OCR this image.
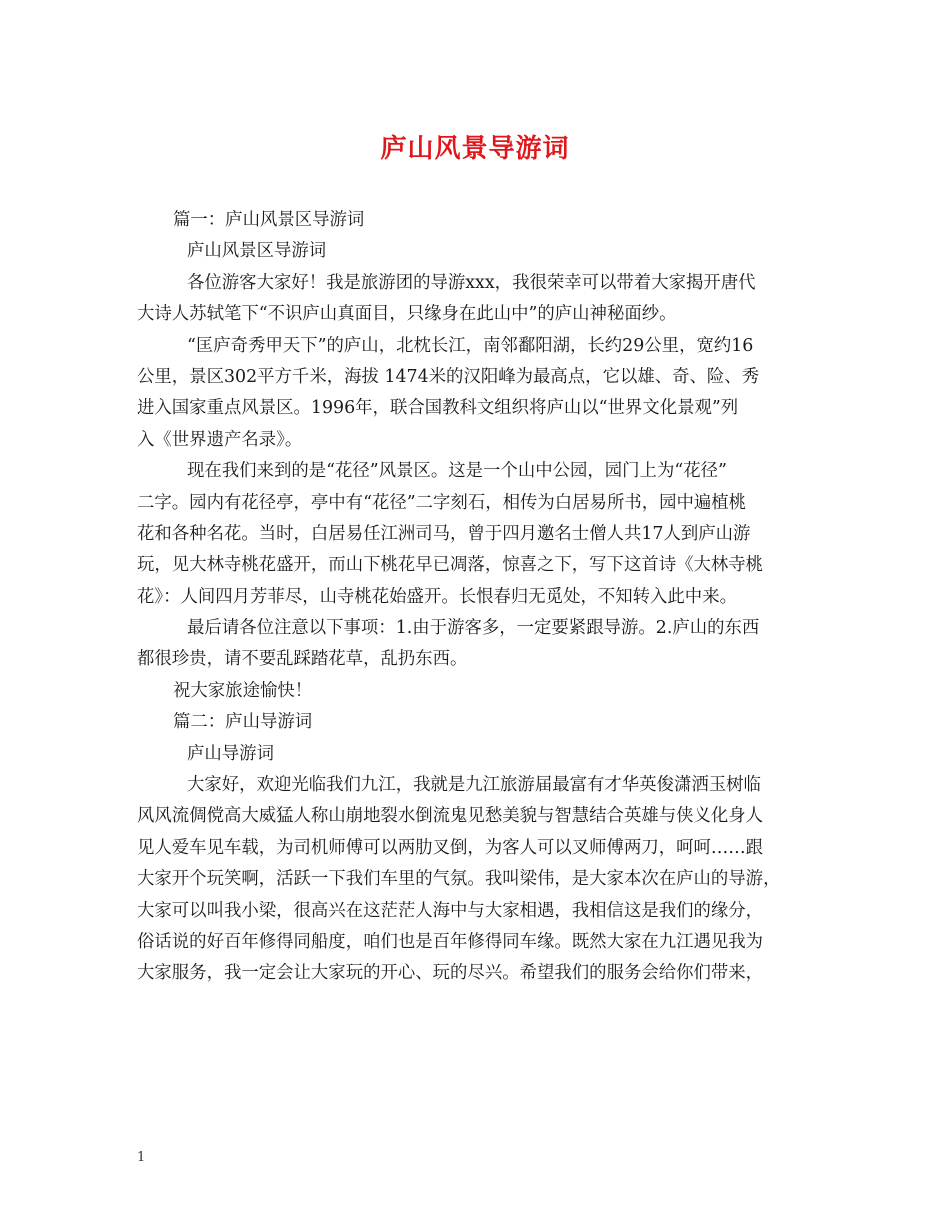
庐山风景导游词
篇一：庐山风景区导游词
庐山风景区导游词
各位游客大家好！我是旅游团的导游xxx，我很荣幸可以带着大家揭开唐代
大诗人苏轼笔下“不识庐山真面目，只缘身在此山中”的庐山神秘面纱。
“匡庐奇秀甲天下”的庐山，北枕长江，南邻鄱阳湖，长约29公里，宽约16
公里，景区302平方千米，海拔 1474米的汉阳峰为最高点，它以雄、奇、险、秀
进入国家重点风景区。1996年，联合国教科文组织将庐山以“世界文化景观”列
入《世界遗产名录》。
现在我们来到的是“花径”风景区。这是一个山中公园，园门上为“花径”
二字。园内有花径亭，亭中有“花径”二字刻石，相传为白居易所书，园中遍植桃
花和各种名花。当时，白居易任江洲司马，曾于四月邀名士僧人共17人到庐山游
玩，见大林寺桃花盛开，而山下桃花早已凋落，惊喜之下，写下这首诗《大林寺桃
花》：人间四月芳菲尽，山寺桃花始盛开。长恨春归无觅处，不知转入此中来。
最后请各位注意以下事项：1.由于游客多，一定要紧跟导游。2.庐山的东西
都很珍贵，请不要乱踩踏花草，乱扔东西。
祝大家旅途愉快！
篇二：庐山导游词
庐山导游词
大家好，欢迎光临我们九江，我就是九江旅游届最富有才华英俊潇洒玉树临
风风流倜傥高大威猛人称山崩地裂水倒流鬼见愁美貌与智慧结合英雄与侠义化身人
见人爱车见车载，为司机师傅可以两肋叉倒，为客人可以叉师傅两刀，呵呵……跟
大家开个玩笑啊，活跃一下我们车里的气氛。我叫梁伟，是大家本次在庐山的导游，
大家可以叫我小梁，很高兴在这茫茫人海中与大家相遇，我相信这是我们的缘分，
俗话说的好百年修得同船度，咱们也是百年修得同车缘。既然大家在九江遇见我为
大家服务，我一定会让大家玩的开心、玩的尽兴。希望我们的服务会给你们带来，
1
